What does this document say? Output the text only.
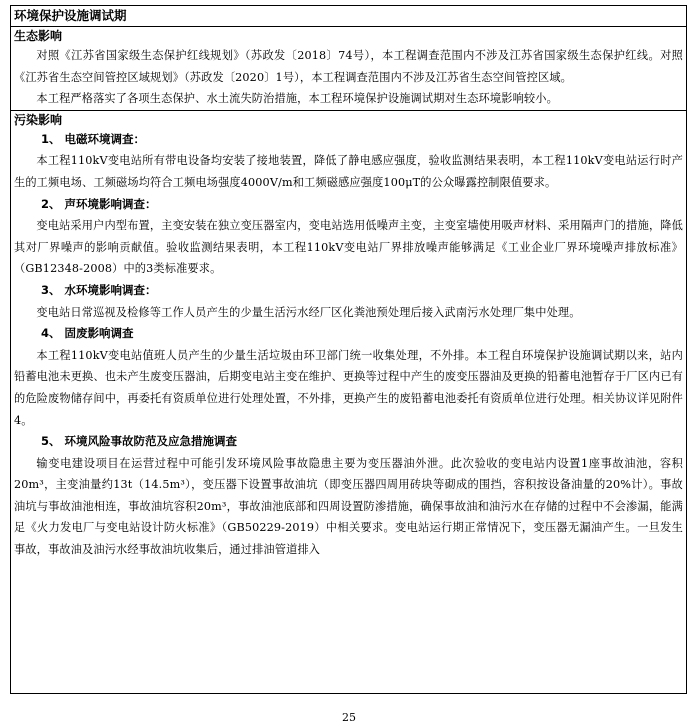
环境保护设施调试期
生态影响

对照《江苏省国家级生态保护红线规划》（苏政发〔2018〕74号），本工程调查范围内不涉及江苏省国家级生态保护红线。对照《江苏省生态空间管控区域规划》（苏政发〔2020〕1号），本工程调查范围内不涉及江苏省生态空间管控区域。

本工程严格落实了各项生态保护、水土流失防治措施，本工程环境保护设施调试期对生态环境影响较小。

污染影响
1、 电磁环境调查：

本工程110kV变电站所有带电设备均安装了接地装置，降低了静电感应强度，验收监测结果表明，本工程110kV变电站运行时产生的工频电场、工频磁场均符合工频电场强度4000V/m和工频磁感应强度100μT的公众曝露控制限值要求。

2、 声环境影响调查：

变电站采用户内型布置，主变安装在独立变压器室内，变电站选用低噪声主变，主变室墙使用吸声材料、采用隔声门的措施，降低其对厂界噪声的影响贡献值。验收监测结果表明，本工程110kV变电站厂界排放噪声能够满足《工业企业厂界环境噪声排放标准》（GB12348-2008）中的3类标准要求。

3、 水环境影响调查：

变电站日常巡视及检修等工作人员产生的少量生活污水经厂区化粪池预处理后接入武南污水处理厂集中处理。

4、 固废影响调查

本工程110kV变电站值班人员产生的少量生活垃圾由环卫部门统一收集处理，不外排。本工程自环境保护设施调试期以来，站内铅蓄电池未更换、也未产生废变压器油，后期变电站主变在维护、更换等过程中产生的废变压器油及更换的铅蓄电池暂存于厂区内已有的危险废物储存间中，再委托有资质单位进行处理处置，不外排，更换产生的废铅蓄电池委托有资质单位进行处理。相关协议详见附件4。

5、 环境风险事故防范及应急措施调查

输变电建设项目在运营过程中可能引发环境风险事故隐患主要为变压器油外泄。此次验收的变电站内设置1座事故油池，容积20m³，主变油量约13t（14.5m³），变压器下设置事故油坑（即变压器四周用砖块等砌成的围挡，容积按设备油量的20%计）。事故油坑与事故油池相连，事故油坑容积20m³，事故油池底部和四周设置防渗措施，确保事故油和油污水在存储的过程中不会渗漏，能满足《火力发电厂与变电站设计防火标准》（GB50229-2019）中相关要求。变电站运行期正常情况下，变压器无漏油产生。一旦发生事故，事故油及油污水经事故油坑收集后，通过排油管道排入

25
